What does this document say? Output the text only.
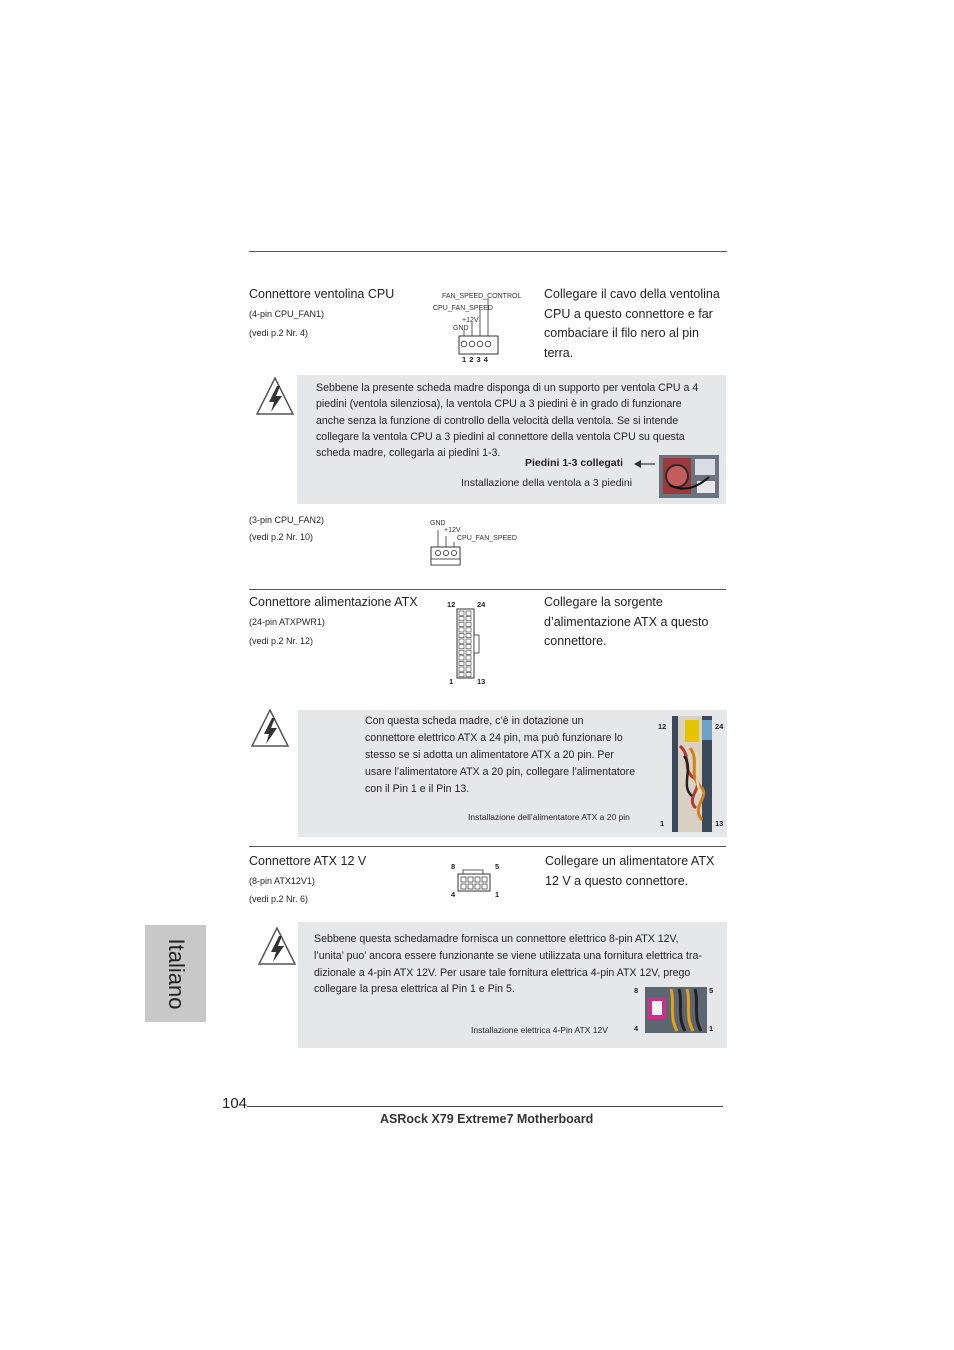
Connettore ventolina CPU
(4-pin CPU_FAN1)
(vedi p.2 Nr. 4)
FAN_SPEED_CONTROL
CPU_FAN_SPEED
+12V
GND
1 2 3 4
Collegare il cavo della ventolina
CPU a questo connettore e far
combaciare il filo nero al pin
terra.
Sebbene la presente scheda madre disponga di un supporto per ventola CPU a 4
piedini (ventola silenziosa), la ventola CPU a 3 piedini è in grado di funzionare
anche senza la funzione di controllo della velocità della ventola. Se si intende
collegare la ventola CPU a 3 piedini al connettore della ventola CPU su questa
scheda madre, collegarla ai piedini 1-3.
Piedini 1-3 collegati
Installazione della ventola a 3 piedini
(3-pin CPU_FAN2)
(vedi p.2 Nr. 10)
GND
+12V
CPU_FAN_SPEED
Connettore alimentazione ATX
(24-pin ATXPWR1)
(vedi p.2 Nr. 12)
12	24
1	13
Collegare la sorgente
d’alimentazione ATX a questo
connettore.
Con questa scheda madre, c’è in dotazione un
connettore elettrico ATX a 24 pin, ma può funzionare lo
stesso se si adotta un alimentatore ATX a 20 pin. Per
usare l’alimentatore ATX a 20 pin, collegare l’alimentatore
con il Pin 1 e il Pin 13.
Installazione dell’alimentatore ATX a 20 pin
12	24
1	13
Connettore ATX 12 V
(8-pin ATX12V1)
(vedi p.2 Nr. 6)
8	5
4	1
Collegare un alimentatore ATX
12 V a questo connettore.
Italiano	Sebbene questa schedamadre fornisca un connettore elettrico 8-pin ATX 12V,
l’unita’ puo’ ancora essere funzionante se viene utilizzata una fornitura elettrica tra-
dizionale a 4-pin ATX 12V. Per usare tale fornitura elettrica 4-pin ATX 12V, prego
collegare la presa elettrica al Pin 1 e Pin 5.
Installazione elettrica 4-Pin ATX 12V
8	5
4	1
104
ASRock X79 Extreme7 Motherboard
